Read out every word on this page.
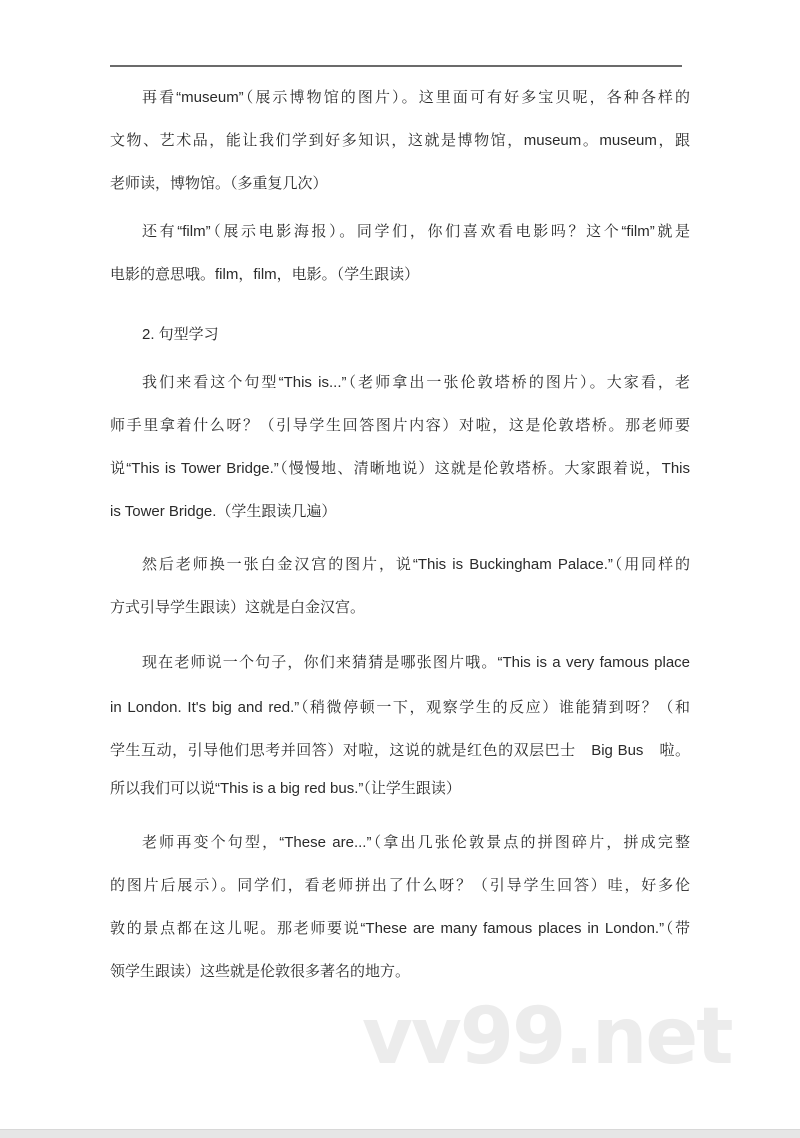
再看“museum”（展示博物馆的图片）。这里面可有好多宝贝呢，各种各样的
文物、艺术品，能让我们学到好多知识，这就是博物馆，museum。museum，跟
老师读，博物馆。（多重复几次）
还有“film”（展示电影海报）。同学们，你们喜欢看电影吗？这个“film”就是
电影的意思哦。film，film，电影。（学生跟读）
2. 句型学习
我们来看这个句型“This is...”（老师拿出一张伦敦塔桥的图片）。大家看，老
师手里拿着什么呀？（引导学生回答图片内容）对啦，这是伦敦塔桥。那老师要
说“This is Tower Bridge.”（慢慢地、清晰地说）这就是伦敦塔桥。大家跟着说，This
is Tower Bridge.（学生跟读几遍）
然后老师换一张白金汉宫的图片，说“This is Buckingham Palace.”（用同样的
方式引导学生跟读）这就是白金汉宫。
现在老师说一个句子，你们来猜猜是哪张图片哦。“This is a very famous place
in London. It's big and red.”（稍微停顿一下，观察学生的反应）谁能猜到呀？（和
学生互动，引导他们思考并回答）对啦，这说的就是红色的双层巴士　Big Bus　啦。
所以我们可以说“This is a big red bus.”（让学生跟读）
老师再变个句型，“These are...”（拿出几张伦敦景点的拼图碎片，拼成完整
的图片后展示）。同学们，看老师拼出了什么呀？（引导学生回答）哇，好多伦
敦的景点都在这儿呢。那老师要说“These are many famous places in London.”（带
领学生跟读）这些就是伦敦很多著名的地方。
vv99.net
